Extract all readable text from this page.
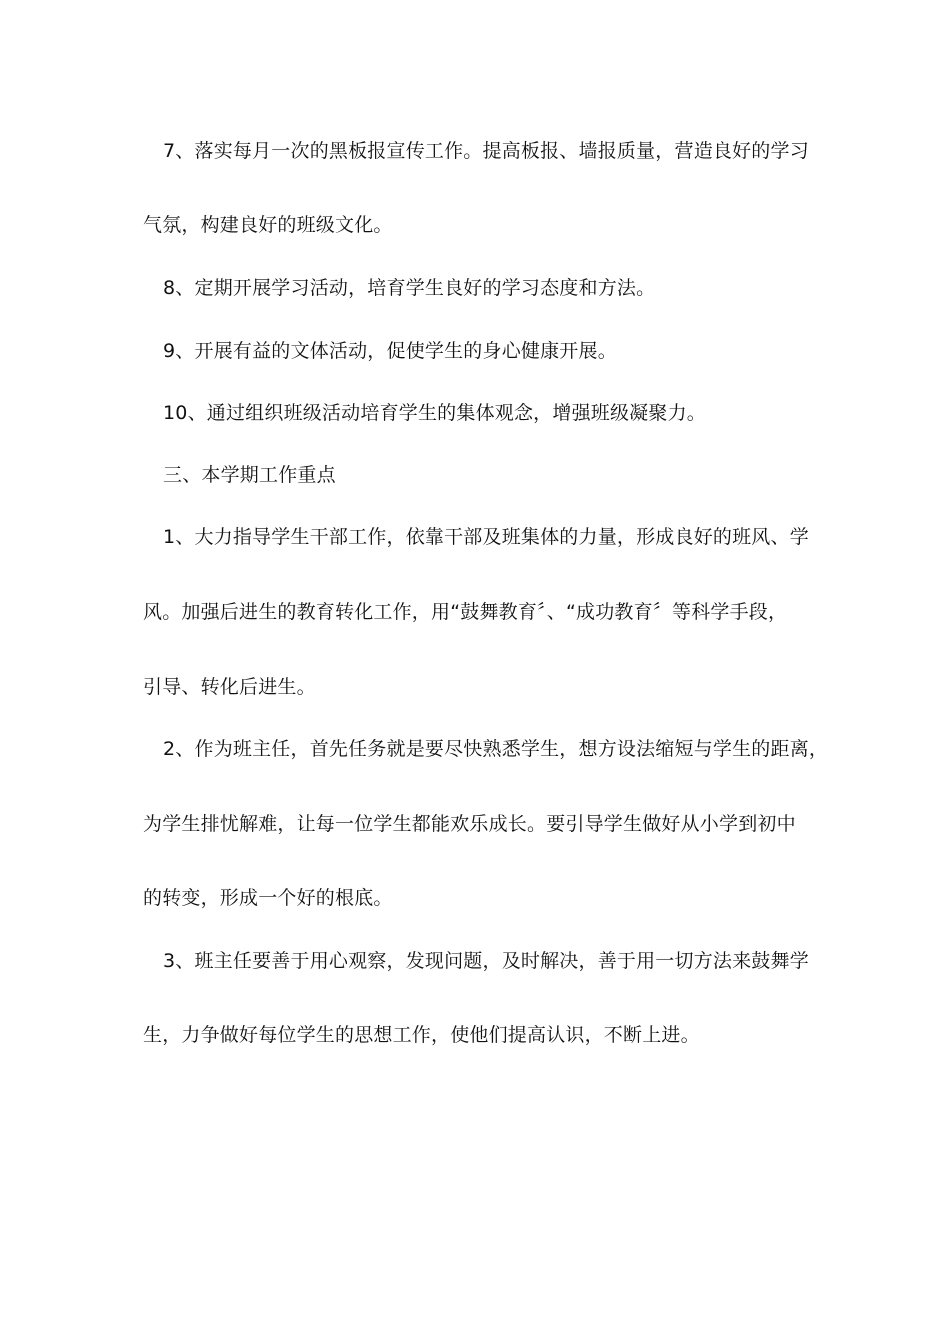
7、落实每月一次的黑板报宣传工作。提高板报、墙报质量，营造良好的学习
气氛，构建良好的班级文化。
8、定期开展学习活动，培育学生良好的学习态度和方法。
9、开展有益的文体活动，促使学生的身心健康开展。
10、通过组织班级活动培育学生的集体观念，增强班级凝聚力。
三、本学期工作重点
1、大力指导学生干部工作，依靠干部及班集体的力量，形成良好的班风、学
风。加强后进生的教育转化工作，用“鼓舞教育〞、“成功教育〞等科学手段，
引导、转化后进生。
2、作为班主任，首先任务就是要尽快熟悉学生，想方设法缩短与学生的距离，
为学生排忧解难，让每一位学生都能欢乐成长。要引导学生做好从小学到初中
的转变，形成一个好的根底。
3、班主任要善于用心观察，发现问题，及时解决，善于用一切方法来鼓舞学
生，力争做好每位学生的思想工作，使他们提高认识，不断上进。
